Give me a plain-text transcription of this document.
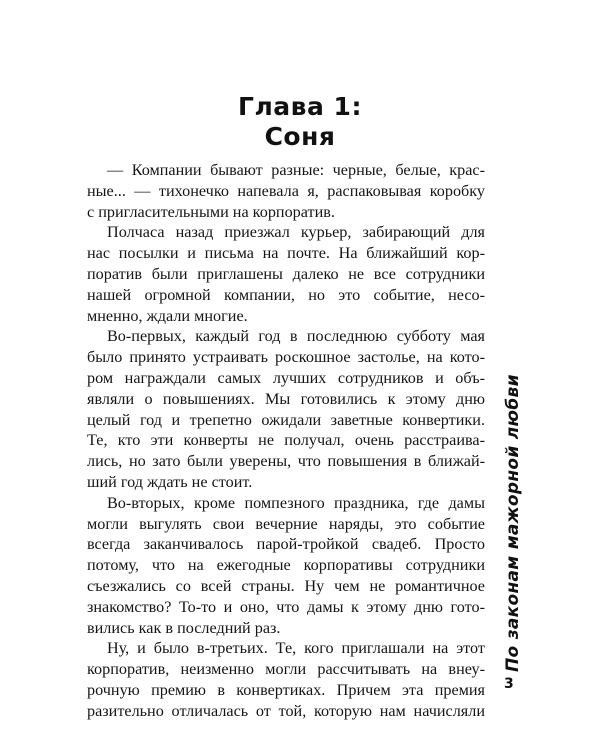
Глава 1:
Соня
— Компании бывают разные: черные, белые, крас-
ные... — тихонечко напевала я, распаковывая коробку
с пригласительными на корпоратив.
Полчаса назад приезжал курьер, забирающий для
нас посылки и письма на почте. На ближайший кор-
поратив были приглашены далеко не все сотрудники
нашей огромной компании, но это событие, несо-
мненно, ждали многие.
Во-первых, каждый год в последнюю субботу мая
было принято устраивать роскошное застолье, на кото-
ром награждали самых лучших сотрудников и объ-
являли о повышениях. Мы готовились к этому дню
целый год и трепетно ожидали заветные конвертики.
Те, кто эти конверты не получал, очень расстраива-
лись, но зато были уверены, что повышения в ближай-
ший год ждать не стоит.
Во-вторых, кроме помпезного праздника, где дамы
могли выгулять свои вечерние наряды, это событие
всегда заканчивалось парой-тройкой свадеб. Просто
потому, что на ежегодные корпоративы сотрудники
съезжались со всей страны. Ну чем не романтичное
знакомство? То-то и оно, что дамы к этому дню гото-
вились как в последний раз.
Ну, и было в-третьих. Те, кого приглашали на этот
корпоратив, неизменно могли рассчитывать на внеу-
рочную премию в конвертиках. Причем эта премия
разительно отличалась от той, которую нам начисляли
По законам мажорной любви
3
